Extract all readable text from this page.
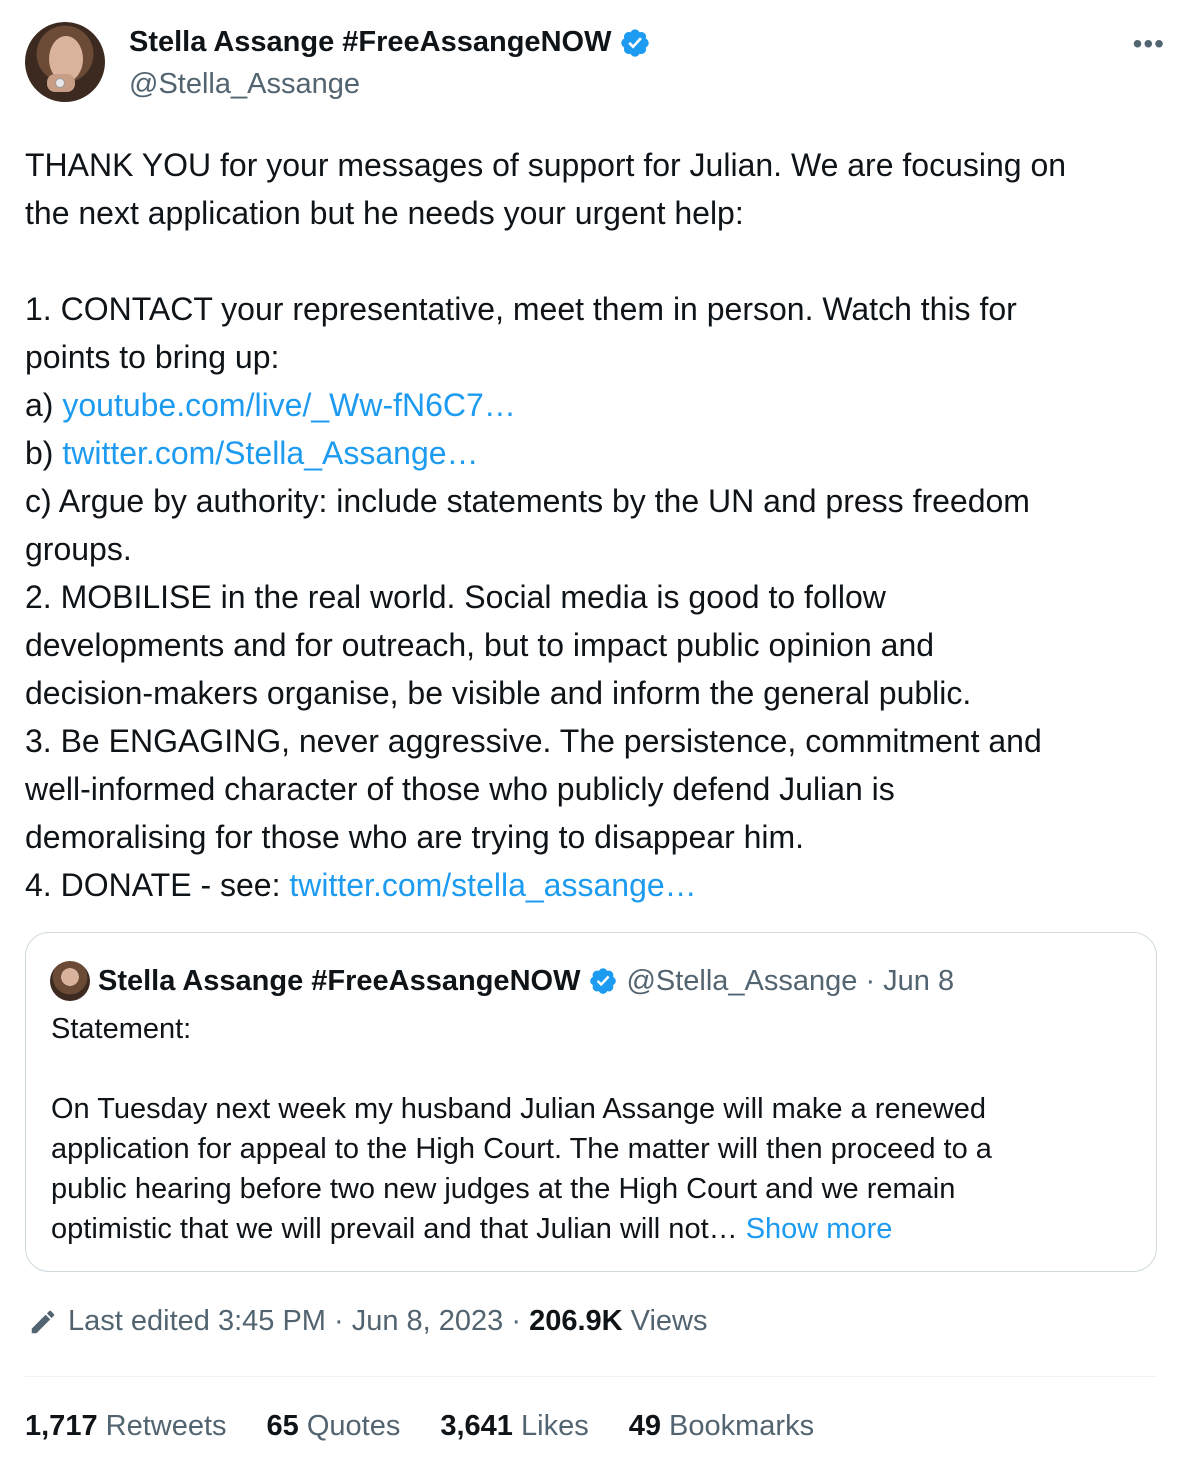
Stella Assange #FreeAssangeNOW
@Stella_Assange
•••
THANK YOU for your messages of support for Julian. We are focusing on
the next application but he needs your urgent help:
1. CONTACT your representative, meet them in person. Watch this for
points to bring up:
a) youtube.com/live/_Ww-fN6C7…
b) twitter.com/Stella_Assange…
c) Argue by authority: include statements by the UN and press freedom
groups.
2. MOBILISE in the real world. Social media is good to follow
developments and for outreach, but to impact public opinion and
decision-makers organise, be visible and inform the general public.
3. Be ENGAGING, never aggressive. The persistence, commitment and
well-informed character of those who publicly defend Julian is
demoralising for those who are trying to disappear him.
4. DONATE - see: twitter.com/stella_assange…
Stella Assange #FreeAssangeNOW @Stella_Assange · Jun 8
Statement:
On Tuesday next week my husband Julian Assange will make a renewed
application for appeal to the High Court. The matter will then proceed to a
public hearing before two new judges at the High Court and we remain
optimistic that we will prevail and that Julian will not… Show more
Last edited 3:45 PM · Jun 8, 2023 · 206.9K Views
1,717 Retweets 65 Quotes 3,641 Likes 49 Bookmarks
